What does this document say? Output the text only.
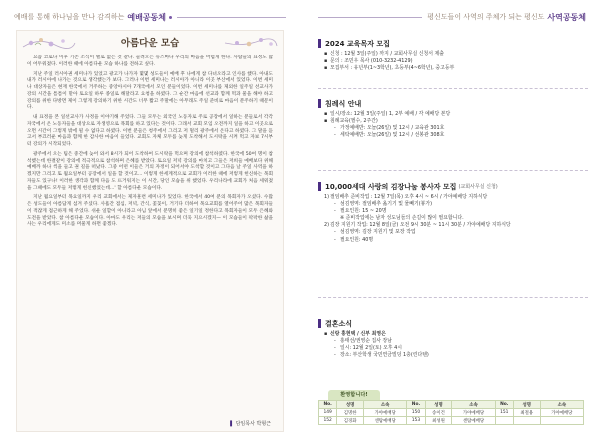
예배를 통해 하나님을 만나 감격하는 예배공동체
아름다운 모습

요즘 코로나 이후 기존 소식이 별로 없는 것 같다. 들려오는 뉴스마다 우리의 마음을 어렵게 한다. 사람들의 표정도 많이 어두워졌다. 이러한 때에 아름다운 모습 하나를 전하고 싶다.

지난 주일 러시아권 세미나가 있었고 광고가 나가자 몇몇 성도들이 예배 후 나에게 참 다녀오라고 인사를 했다. 아내도 내가 러시아에 나가는 것으로 생각했는가 보다. 그러나 이번 세미나는 러시아가 아니라 이곳 부산에서 있었다. 이번 세미나 대상자들은 현재 한국에서 거주하는 중앙아시아 7개국에서 모인 분들이었다. 이번 세미나를 제외한 일주일 선교사가 강의 시간을 틈틈이 맡아 토요일 하루 종일로 해달라고 요청을 하였다. 그 순간 마음에 선교과 함께 떡과 물을 해야 하고 강의를 위한 다방면 제이 그렇게 강의하기 위한 시간도 너무 짧고 주말에는 아무래도 주일 준비로 마음이 분주하기 때문이다.

내 표정을 본 일선교사가 사정을 이야기해 주었다. 그들 모두는 외국인 노동자로 주로 공장에서 일하는 분들로서 각각 자국에서 온 노동자들을 대상으로 자생영으로 목회를 하고 있다는 것이다. 그래서 교회 모임 오전까지 일을 하고 이곳으로 오면 시간이 그렇게 밖에 될 수 없다고 하였다. 이번 분들은 청주에서 그리고 저 멀리 광주에서 온다고 하였다. 그 말을 듣고서 부끄러운 마음과 함께 한 감사한 마음이 들었다. 교회도 자체 모두를 늦게 도착해서 도시락을 시켜 먹고 자보 7시부터 강의가 시작되었다.

광주에서 오는 팀은 중간에 늦어 와서 8시가 되어 도착하여 도시락을 먹으며 강의에 참석하였다. 한국에 50여 명이 참석했는데 한결같이 강의에 적극적으로 참석하며 은혜를 받았다. 토요일 저녁 강의를 마치고 그들은 저희들 예배보다 위해 예배까 하나 씩을 들고 권 길을 떠났다. 그중 어떤 이들은 거의 자정이 되어서야 도착할 것이고 그다음 날 주일 사역을 하겠지만 그리고 또 월요일부터 공장에서 일을 할 것이고... 이렇게 한세계적으로 교회가 이러한 때에 저렇게 헌신하는 목회자들도 있구나! 이러한 생각과 함께 다음 도 뜨거워지는 이 시간, 당인 모습을 위 했었다. 우리나라에 교회가 처음 세워졌을 그때에도 모두들 저렇게 헌신했었는데...' 할 아름다운 모습이다.

지난 월요일부터 목요일까지 우리 교회에서는 제자훈련 세미나가 있었다. 한국에서 40여 분의 목회자가 오셨다. 수많은 성도들이 아름답게 섬겨 주셨다. 사흘간 점심, 저녁, 간식, 꽃꽂이, 거기다 더하여 목요교회를 열어주어 많은 목회자들이 적잖게 접근하게 해 주었다. 쉬운 일할이 아니라고 아님 앞에서 분명히 좋은 일기일 정한다고 목회자들이 모두 은혜와 도전을 받았다. 참 아름다운 모습이다. 아마도 우리는 저들의 모습을 보시며 더욱 지으시겠지— 이 모습들이 팍팍한 삶을 사는 우리에게도 미소를 머물게 하면 좋겠다.

▌ 담임목사 박형근
평신도들이 사역의 주체가 되는 평신도 사역공동체
2024 교육목자 모집
▪ 신청 : 12월 3일(주일) 까지 / 교회사무실 신청서 제출
▪ 문의 : 조민우 목사 (010-3232-4129)
▪ 모집부서 : 유년부(1~3학년), 초등부(4~6학년), 중고등부
침례식 안내
▪ 일시/장소: 12월 3일(주일) 1, 2부 예배 / 각 예배당 본당
▪ 침례교육(필수, 2주간)
- 가정예배반: 오늘(26일) 및 12시 / 교육관 301호
- 세탁예배반: 오늘(26일) 및 12시 / 선봉관 308호
10,000세대 사랑의 김장나눔 봉사자 모집 (교회사무실 신청)
1)절임배추 준비작업 : 12월 7일(목) 오후 4시 ~ 6시 / 가야예배당 지하식당
- 섬김영역: 절임배추 옮기기 및 물빼기(봉가)
- 필요인원: 15 ~ 20명
※ 준비작업에는 남자 성도님들의 손길이 많이 필요합니다.
2)김장 지원기 작업: 12월 8일(금) 오전 9시 30분 ~ 11시 30분 / 가야예배당 지하식당
- 섬김영역: 김장 지원기 및 포장 작업
- 필요인원: 40명
결혼소식
▪ 신랑 홍현택 / 신부 최영은
- 홍태선/권영순 집사 장남
- 일시: 12월 2일(토) 오후 4시
- 장소: 부산학생 국민연금빌딩 1층(린다텐)
환영합니다!
No.	성명	소속	No.	성명	소속	No.	성명	소속
149	김명한	가야예배당	150	송이건	가야예배당	151	최철용	가야예배당
152	김경화	센탐예배당	153	최성원	센탐예배당			
